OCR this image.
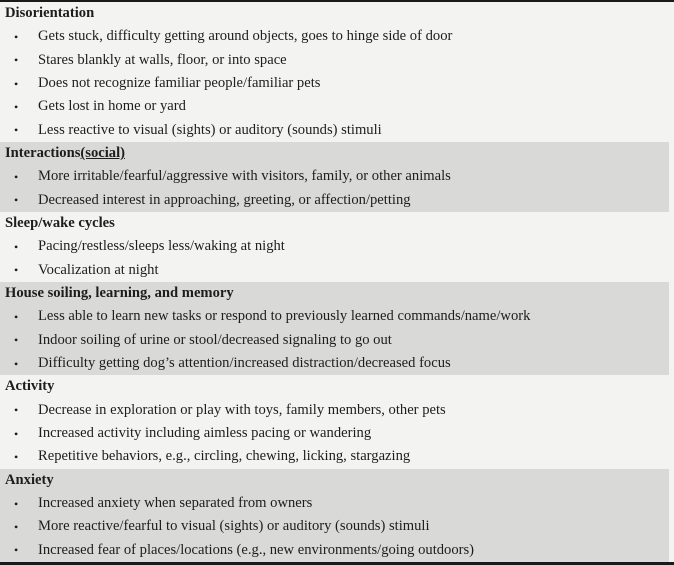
Disorientation
•	Gets stuck, difficulty getting around objects, goes to hinge side of door
•	Stares blankly at walls, floor, or into space
•	Does not recognize familiar people/familiar pets
•	Gets lost in home or yard
•	Less reactive to visual (sights) or auditory (sounds) stimuli
Interactions (social)
•	More irritable/fearful/aggressive with visitors, family, or other animals
•	Decreased interest in approaching, greeting, or affection/petting
Sleep/wake cycles
•	Pacing/restless/sleeps less/waking at night
•	Vocalization at night
House soiling, learning, and memory
•	Less able to learn new tasks or respond to previously learned commands/name/work
•	Indoor soiling of urine or stool/decreased signaling to go out
•	Difficulty getting dog’s attention/increased distraction/decreased focus
Activity
•	Decrease in exploration or play with toys, family members, other pets
•	Increased activity including aimless pacing or wandering
•	Repetitive behaviors, e.g., circling, chewing, licking, stargazing
Anxiety
•	Increased anxiety when separated from owners
•	More reactive/fearful to visual (sights) or auditory (sounds) stimuli
•	Increased fear of places/locations (e.g., new environments/going outdoors)
